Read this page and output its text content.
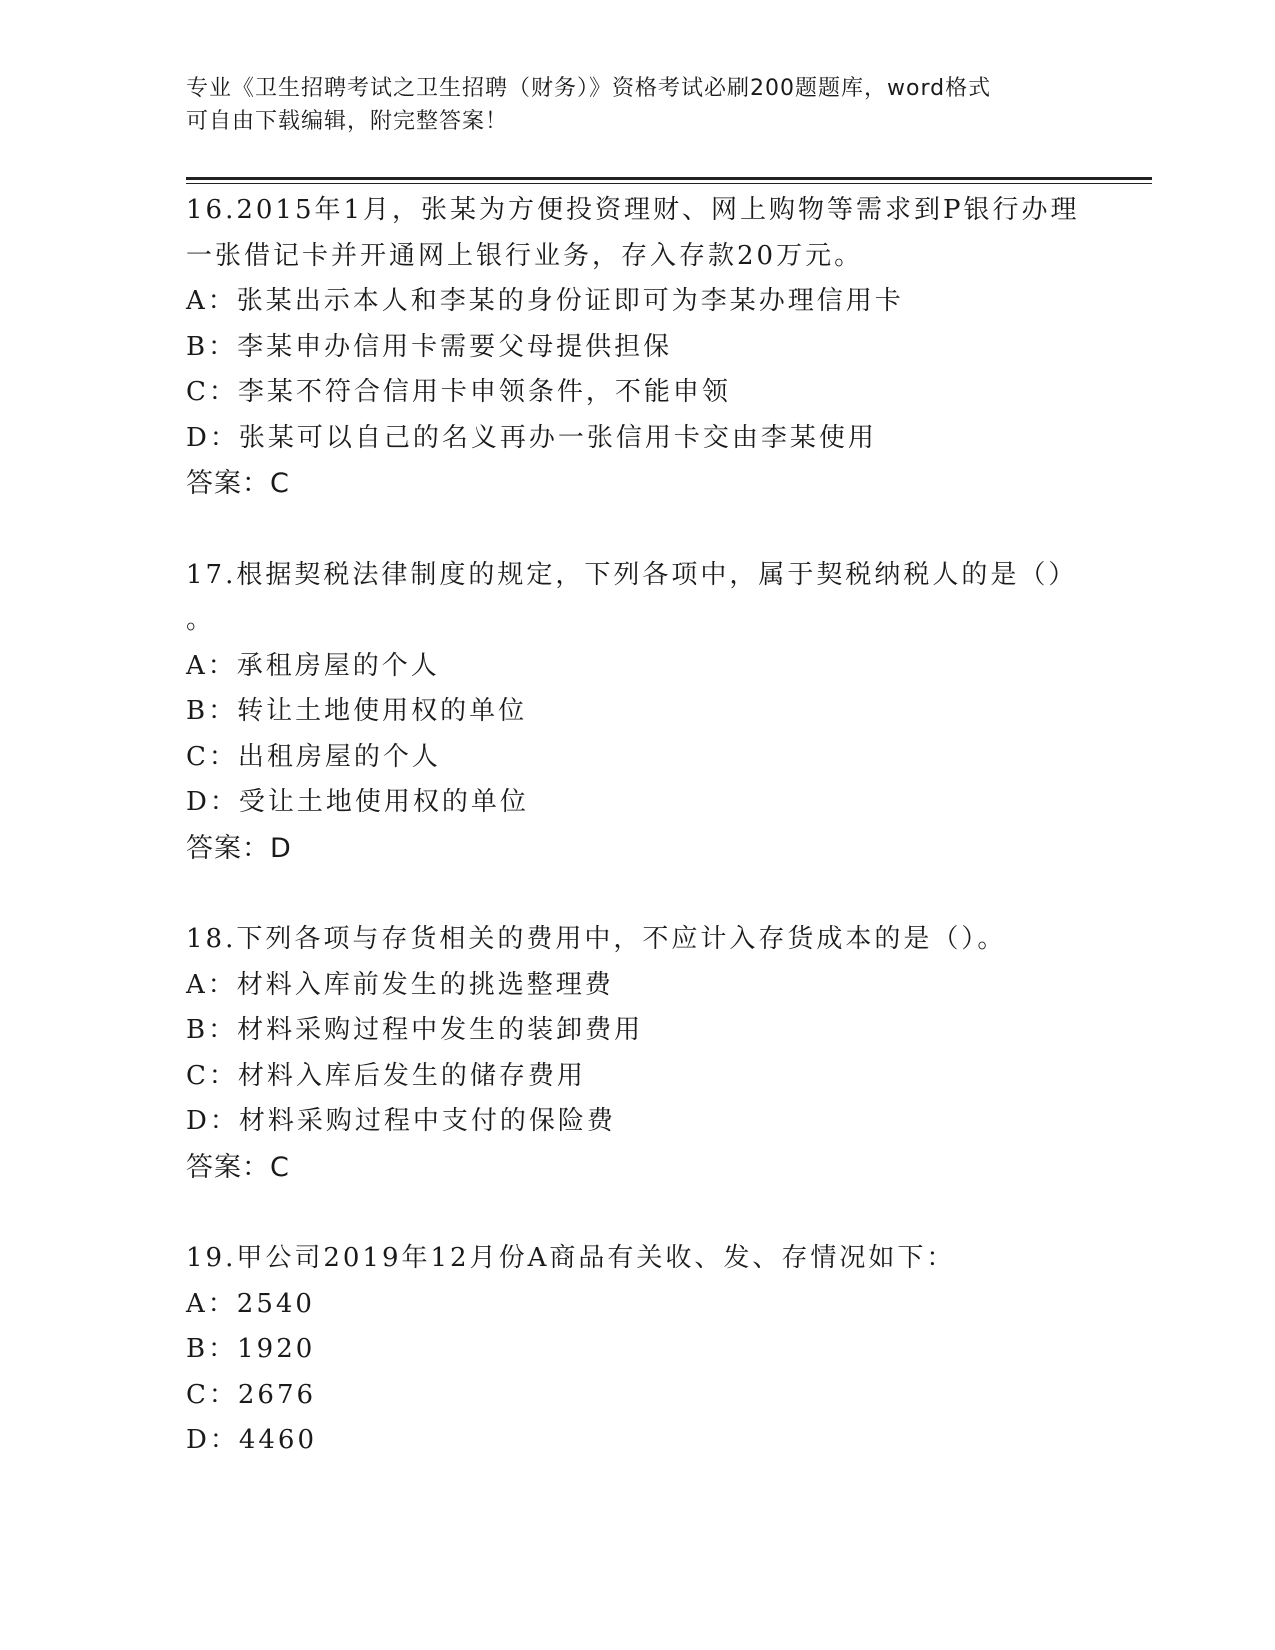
专业《卫生招聘考试之卫生招聘（财务）》资格考试必刷200题题库，word格式
可自由下载编辑，附完整答案！
16.2015年1月，张某为方便投资理财、网上购物等需求到P银行办理
一张借记卡并开通网上银行业务，存入存款20万元。
A：张某出示本人和李某的身份证即可为李某办理信用卡
B：李某申办信用卡需要父母提供担保
C：李某不符合信用卡申领条件，不能申领
D：张某可以自己的名义再办一张信用卡交由李某使用
答案：C
17.根据契税法律制度的规定，下列各项中，属于契税纳税人的是（）
。
A：承租房屋的个人
B：转让土地使用权的单位
C：出租房屋的个人
D：受让土地使用权的单位
答案：D
18.下列各项与存货相关的费用中，不应计入存货成本的是（）。
A：材料入库前发生的挑选整理费
B：材料采购过程中发生的装卸费用
C：材料入库后发生的储存费用
D：材料采购过程中支付的保险费
答案：C
19.甲公司2019年12月份A商品有关收、发、存情况如下：
A：2540
B：1920
C：2676
D：4460
